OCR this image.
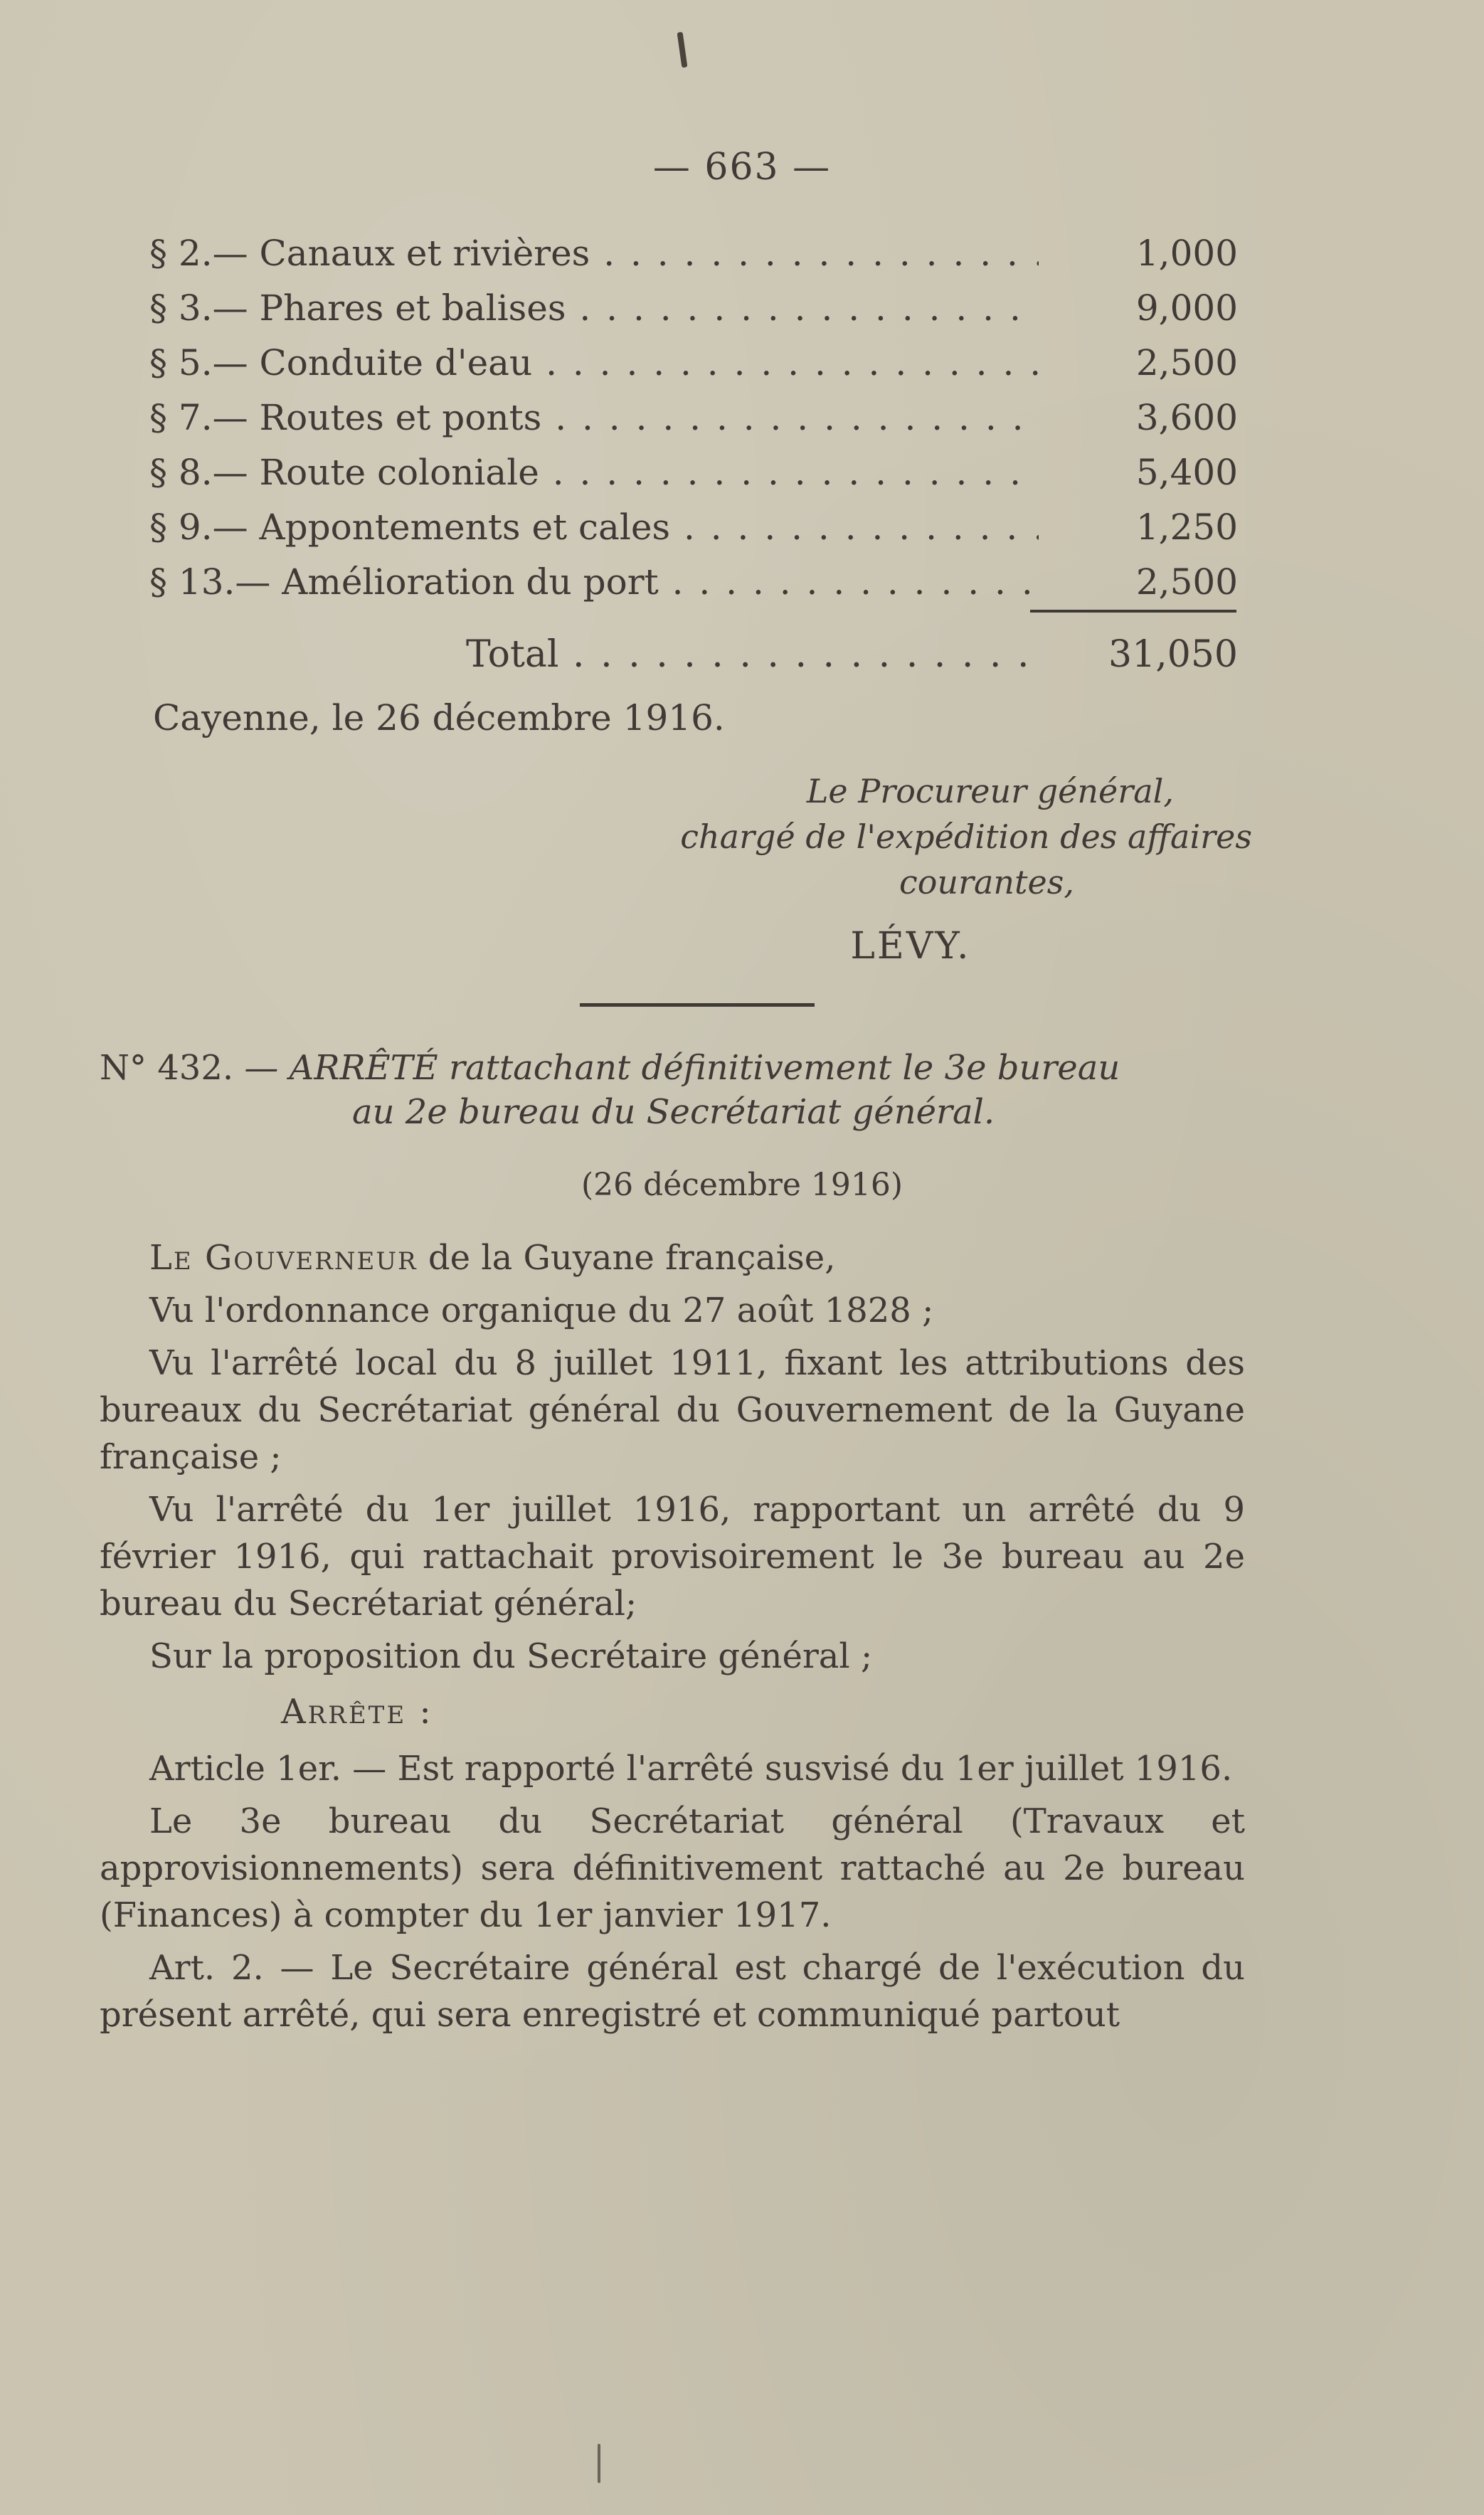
— 663 —
§ 2.— Canaux et rivières . . .	1,000
§ 3.— Phares et balises . . .	9,000
§ 5.— Conduite d'eau . . .	2,500
§ 7.— Routes et ponts . . .	3,600
§ 8.— Route coloniale . . .	5,400
§ 9.— Appontements et cales . . .	1,250
§ 13.— Amélioration du port . . .	2,500
Total . . .	31,050
Cayenne, le 26 décembre 1916.
Le Procureur général,
chargé de l'expédition des affaires
courantes,
LÉVY.
N° 432. — ARRÊTÉ rattachant définitivement le 3e bureau
au 2e bureau du Secrétariat général.
(26 décembre 1916)

Le Gouverneur de la Guyane française,

Vu l'ordonnance organique du 27 août 1828 ;

Vu l'arrêté local du 8 juillet 1911, fixant les attributions des bureaux du Secrétariat général du Gouvernement de la Guyane française ;

Vu l'arrêté du 1er juillet 1916, rapportant un arrêté du 9 février 1916, qui rattachait provisoirement le 3e bureau au 2e bureau du Secrétariat général;

Sur la proposition du Secrétaire général ;

Arrête :

Article 1er. — Est rapporté l'arrêté susvisé du 1er juillet 1916.

Le 3e bureau du Secrétariat général (Travaux et approvisionnements) sera définitivement rattaché au 2e bureau (Finances) à compter du 1er janvier 1917.

Art. 2. — Le Secrétaire général est chargé de l'exécution du présent arrêté, qui sera enregistré et communiqué partout
